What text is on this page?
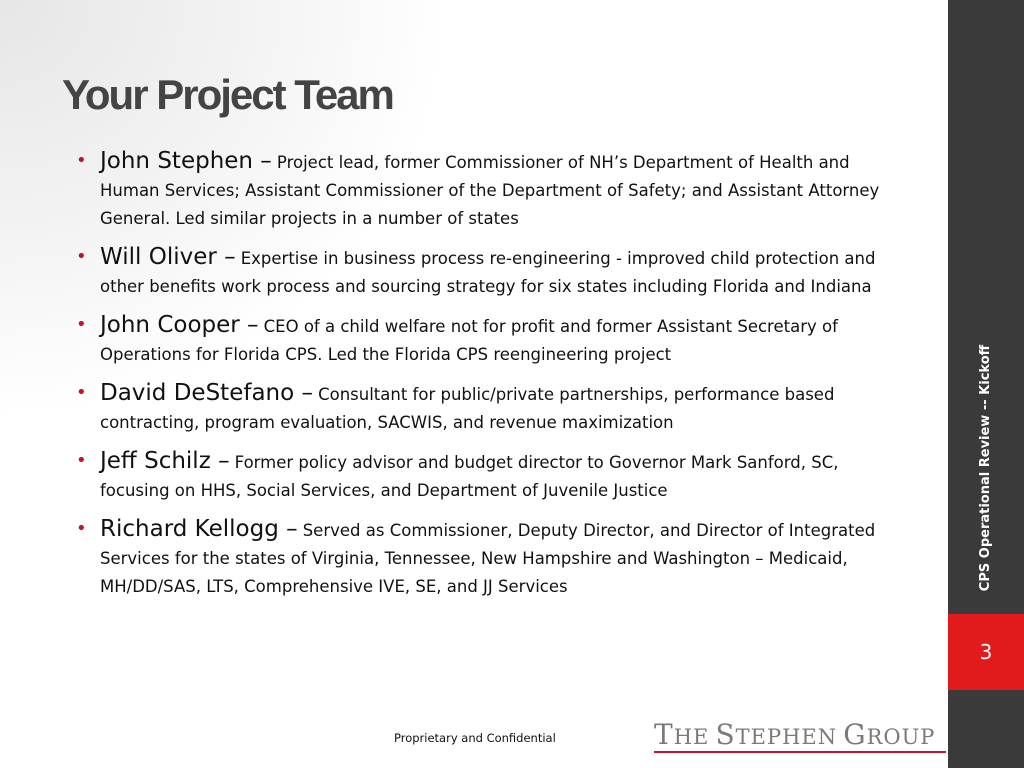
Your Project Team
• John Stephen – Project lead, former Commissioner of NH’s Department of Health and Human Services; Assistant Commissioner of the Department of Safety; and Assistant Attorney General. Led similar projects in a number of states
• Will Oliver – Expertise in business process re-engineering - improved child protection and other benefits work process and sourcing strategy for six states including Florida and Indiana
• John Cooper – CEO of a child welfare not for profit and former Assistant Secretary of Operations for Florida CPS. Led the Florida CPS reengineering project
• David DeStefano – Consultant for public/private partnerships, performance based contracting, program evaluation, SACWIS, and revenue maximization
• Jeff Schilz – Former policy advisor and budget director to Governor Mark Sanford, SC, focusing on HHS, Social Services, and Department of Juvenile Justice
• Richard Kellogg – Served as Commissioner, Deputy Director, and Director of Integrated Services for the states of Virginia, Tennessee, New Hampshire and Washington – Medicaid, MH/DD/SAS, LTS, Comprehensive IVE, SE, and JJ Services	CPS Operational Review -- Kickoff
3
Proprietary and Confidential	THE STEPHEN GROUP
